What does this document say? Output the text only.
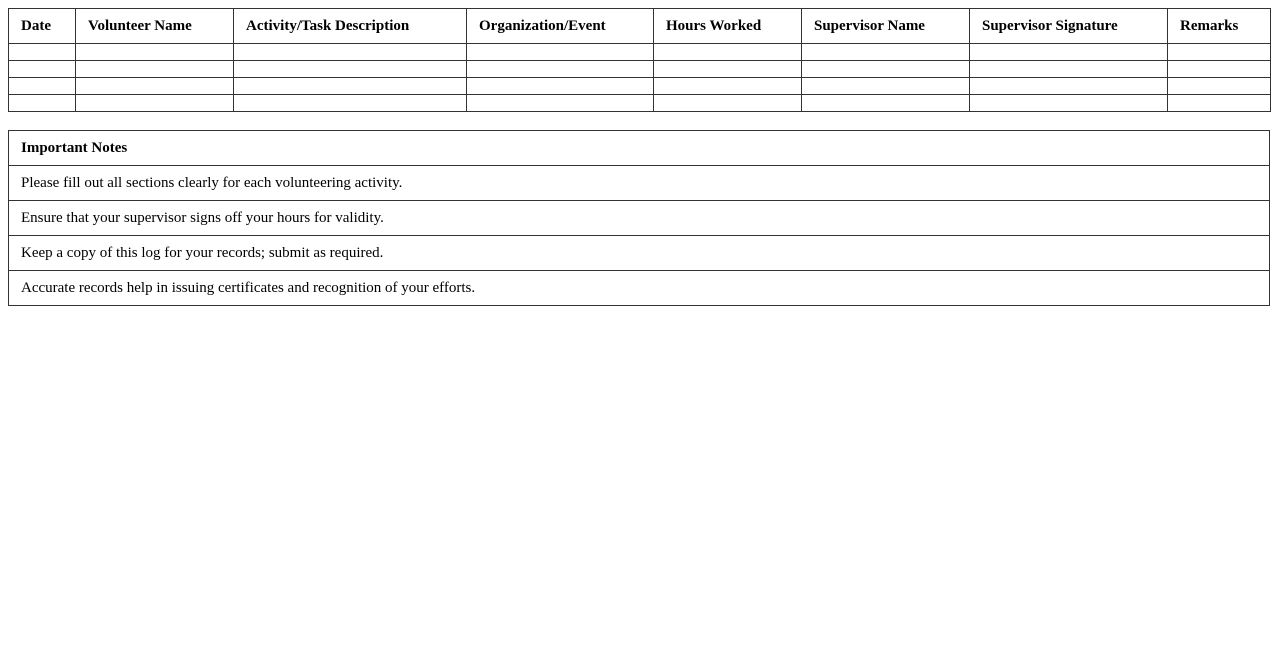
Date	Volunteer Name	Activity/Task Description	Organization/Event	Hours Worked	Supervisor Name	Supervisor Signature	Remarks

Important Notes
Please fill out all sections clearly for each volunteering activity.
Ensure that your supervisor signs off your hours for validity.
Keep a copy of this log for your records; submit as required.
Accurate records help in issuing certificates and recognition of your efforts.
